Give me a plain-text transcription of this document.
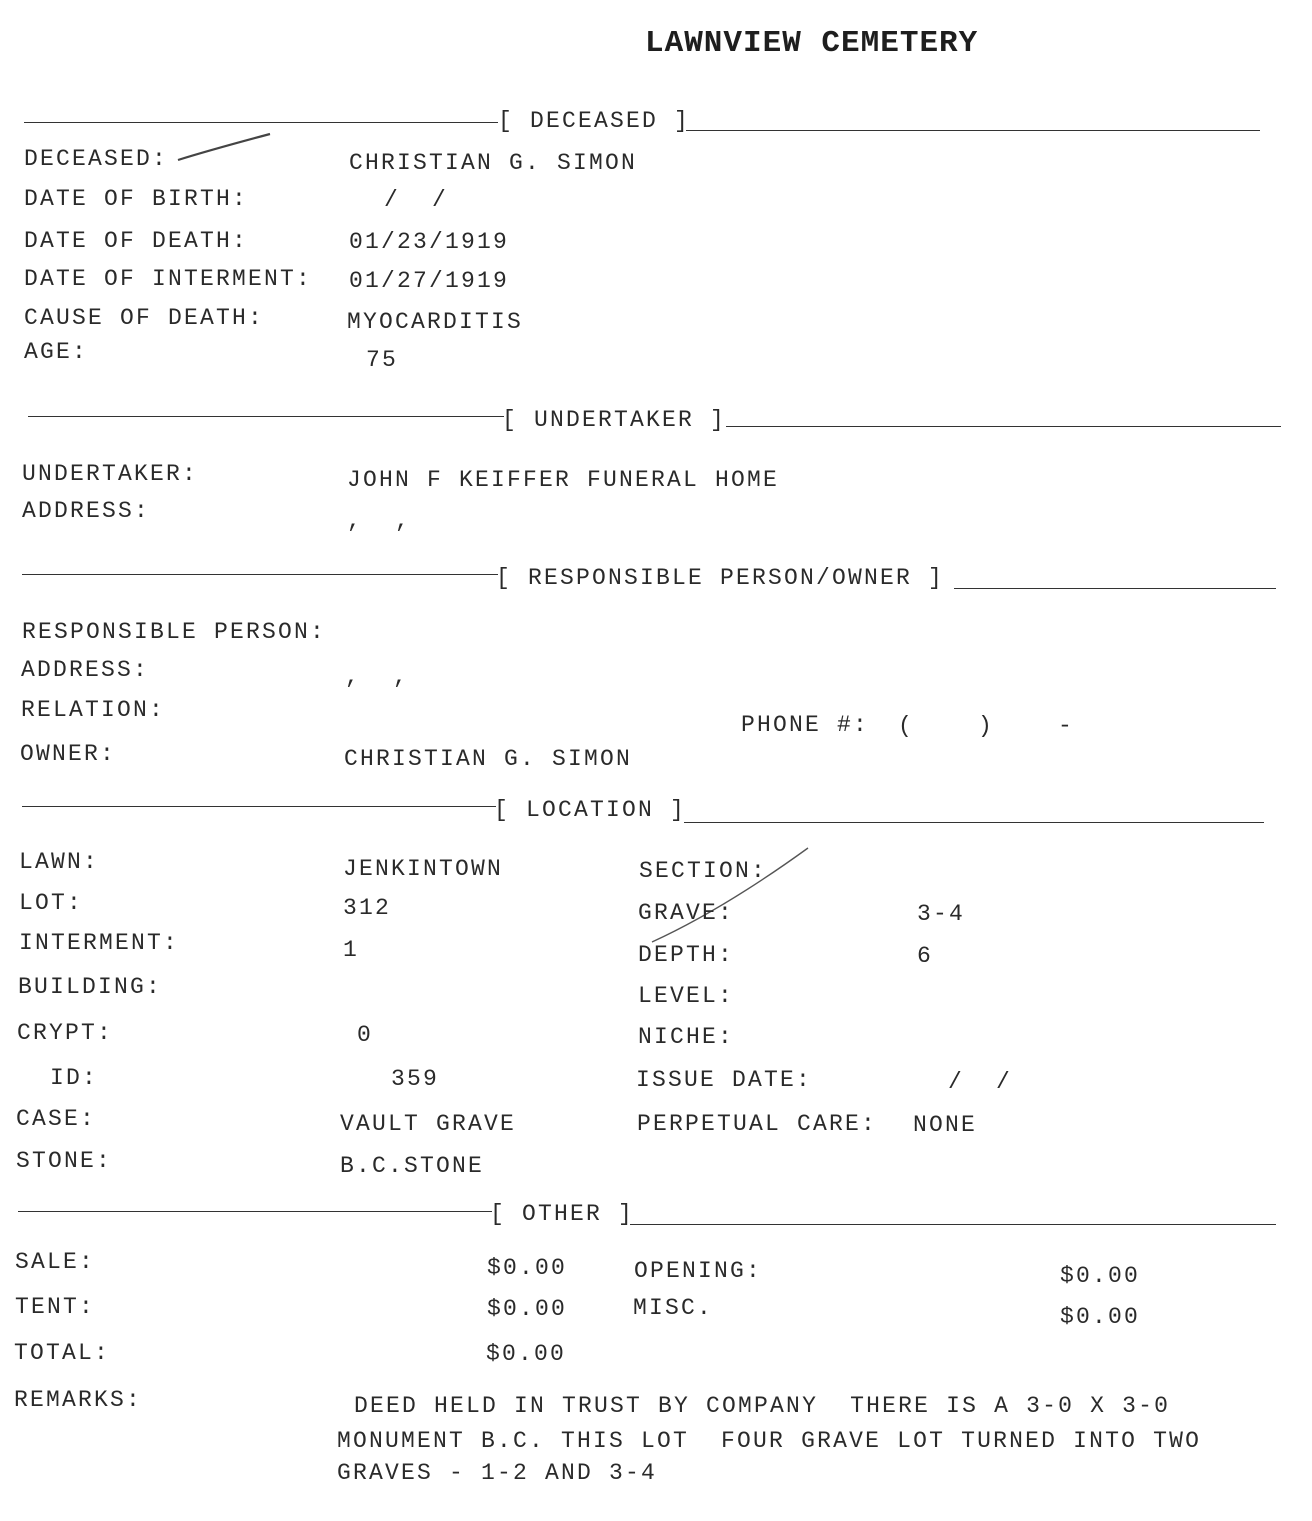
LAWNVIEW CEMETERY
[ DECEASED ]
DECEASED:	CHRISTIAN G. SIMON
DATE OF BIRTH:	/  /
DATE OF DEATH:	01/23/1919
DATE OF INTERMENT: 01/27/1919
CAUSE OF DEATH:	MYOCARDITIS
AGE:	75
[ UNDERTAKER ]
UNDERTAKER:	JOHN F KEIFFER FUNERAL HOME
ADDRESS:	,  ,
[ RESPONSIBLE PERSON/OWNER ]
RESPONSIBLE PERSON:
ADDRESS:	,  ,
RELATION:
PHONE #: (    )    -
OWNER:	CHRISTIAN G. SIMON
[ LOCATION ]
LAWN:	JENKINTOWN
LOT:	312
INTERMENT:	1
BUILDING:
CRYPT:	0
ID:	359
CASE:	VAULT GRAVE
STONE:	B.C.STONE
SECTION:
GRAVE:	3-4
DEPTH:	6
LEVEL:
NICHE:
ISSUE DATE:	/  /
PERPETUAL CARE: NONE
[ OTHER ]
SALE:	$0.00
TENT:	$0.00
TOTAL:	$0.00
OPENING:	$0.00
MISC.	$0.00
REMARKS:	DEED HELD IN TRUST BY COMPANY  THERE IS A 3-0 X 3-0
MONUMENT B.C. THIS LOT  FOUR GRAVE LOT TURNED INTO TWO
GRAVES - 1-2 AND 3-4
